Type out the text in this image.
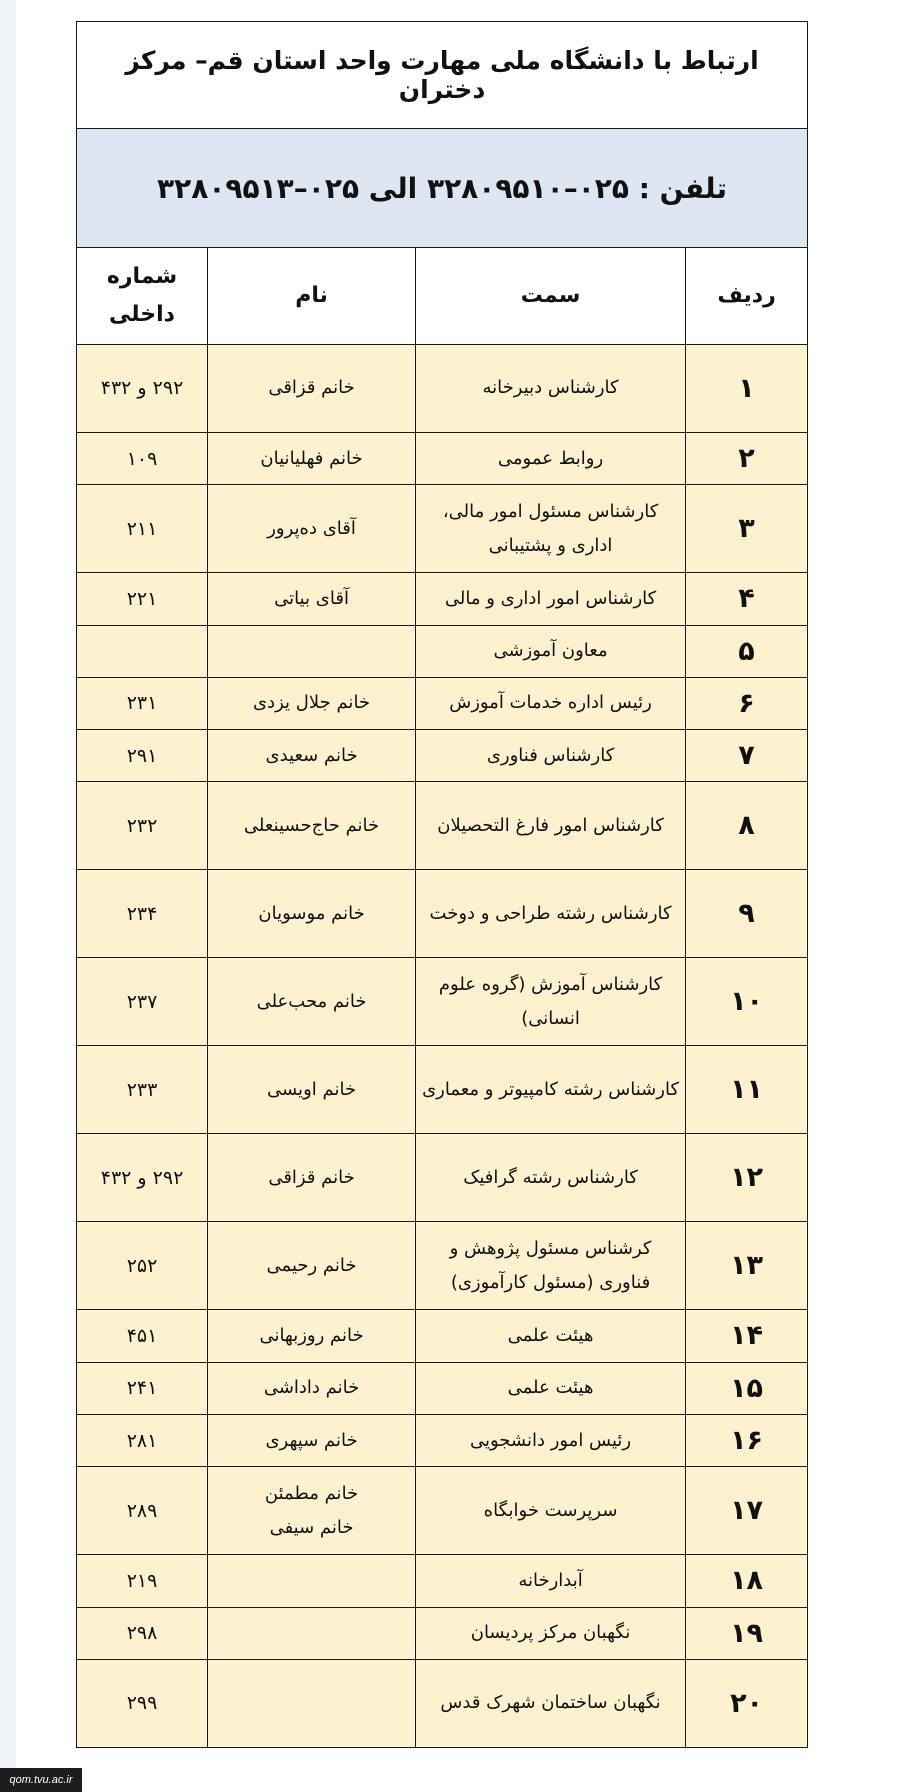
ارتباط با دانشگاه ملی مهارت واحد استان قم– مرکز دختران			
تلفن : ۰۲۵–۳۲۸۰۹۵۱۰ الی ۰۲۵–۳۲۸۰۹۵۱۳			
ردیف	سمت	نام	شماره
داخلی
۱	کارشناس دبیرخانه	خانم قزاقی	۲۹۲ و ۴۳۲
۲	روابط عمومی	خانم فهلیانیان	۱۰۹
۳	کارشناس مسئول امور مالی، اداری و پشتیبانی	آقای ده‌پرور	۲۱۱
۴	کارشناس امور اداری و مالی	آقای بیاتی	۲۲۱
۵	معاون آموزشی		
۶	رئیس اداره خدمات آموزش	خانم جلال یزدی	۲۳۱
۷	کارشناس فناوری	خانم سعیدی	۲۹۱
۸	کارشناس امور فارغ التحصیلان	خانم حاج‌حسینعلی	۲۳۲
۹	کارشناس رشته طراحی و دوخت	خانم موسویان	۲۳۴
۱۰	کارشناس آموزش (گروه علوم انسانی)	خانم محب‌علی	۲۳۷
۱۱	کارشناس رشته کامپیوتر و معماری	خانم اویسی	۲۳۳
۱۲	کارشناس رشته گرافیک	خانم قزاقی	۲۹۲ و ۴۳۲
۱۳	کرشناس مسئول پژوهش و فناوری (مسئول کارآموزی)	خانم رحیمی	۲۵۲
۱۴	هیئت علمی	خانم روزبهانی	۴۵۱
۱۵	هیئت علمی	خانم داداشی	۲۴۱
۱۶	رئیس امور دانشجویی	خانم سپهری	۲۸۱
۱۷	سرپرست خوابگاه	خانم مطمئن
خانم سیفی	۲۸۹
۱۸	آبدارخانه		۲۱۹
۱۹	نگهبان مرکز پردیسان		۲۹۸
۲۰	نگهبان ساختمان شهرک قدس		۲۹۹
qom.tvu.ac.ir
